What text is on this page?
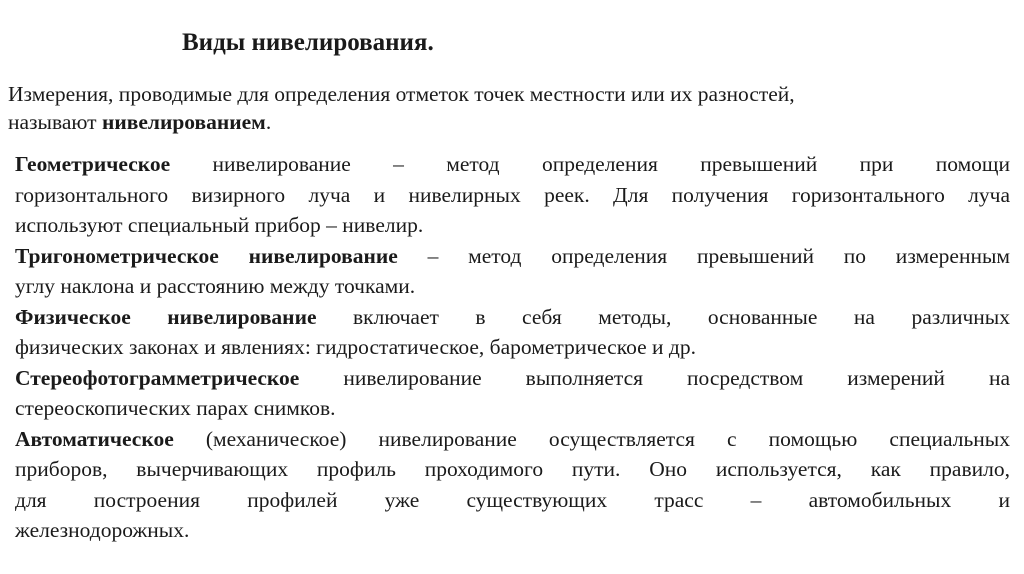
Виды нивелирования.
Измерения, проводимые для определения отметок точек местности или их разностей,
называют нивелированием.
Геометрическое нивелирование – метод определения превышений при помощи
горизонтального визирного луча и нивелирных реек. Для получения горизонтального луча
используют специальный прибор – нивелир.
Тригонометрическое нивелирование – метод определения превышений по измеренным
углу наклона и расстоянию между точками.
Физическое нивелирование включает в себя методы, основанные на различных
физических законах и явлениях: гидростатическое, барометрическое и др.
Стереофотограмметрическое нивелирование выполняется посредством измерений на
стереоскопических парах снимков.
Автоматическое (механическое) нивелирование осуществляется с помощью специальных
приборов, вычерчивающих профиль проходимого пути. Оно используется, как правило,
для построения профилей уже существующих трасс – автомобильных и
железнодорожных.
